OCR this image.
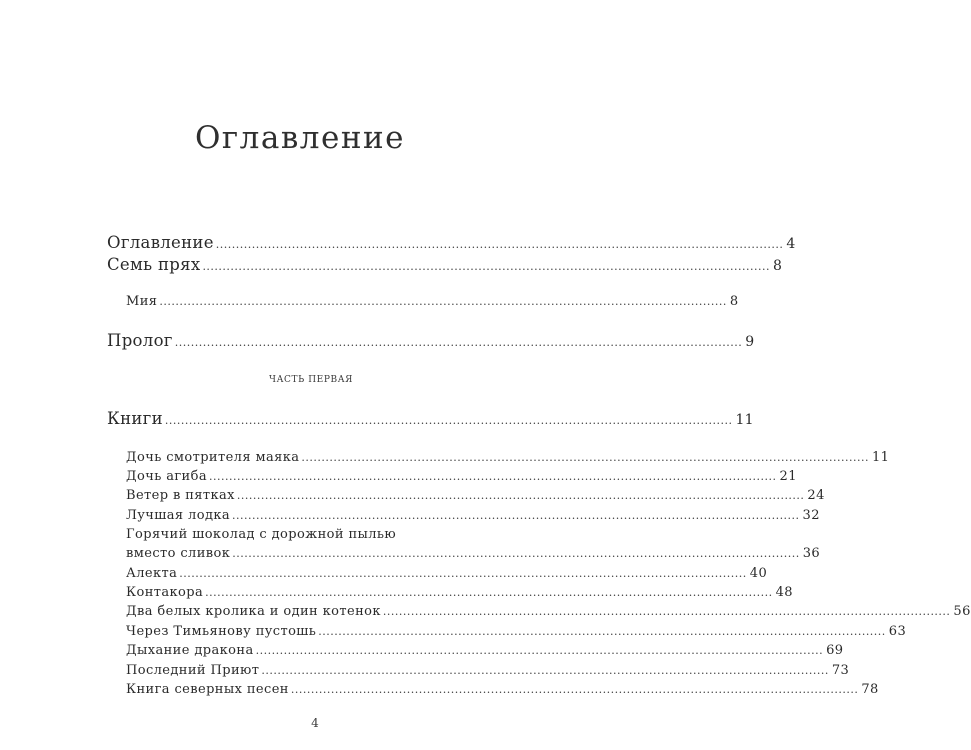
Оглавление
Оглавление .............................................................................................................................................. 4
Семь прях .............................................................................................................................................. 8
Мия .............................................................................................................................................. 8
Пролог .............................................................................................................................................. 9
ЧАСТЬ ПЕРВАЯ
Книги .............................................................................................................................................. 11
Дочь смотрителя маяка .............................................................................................................................................. 11
Дочь агиба .............................................................................................................................................. 21
Ветер в пятках .............................................................................................................................................. 24
Лучшая лодка .............................................................................................................................................. 32
Горячий шоколад с дорожной пылью
вместо сливок .............................................................................................................................................. 36
Алекта .............................................................................................................................................. 40
Контакора .............................................................................................................................................. 48
Два белых кролика и один котенок .............................................................................................................................................. 56
Через Тимьянову пустошь .............................................................................................................................................. 63
Дыхание дракона .............................................................................................................................................. 69
Последний Приют .............................................................................................................................................. 73
Книга северных песен .............................................................................................................................................. 78
4
